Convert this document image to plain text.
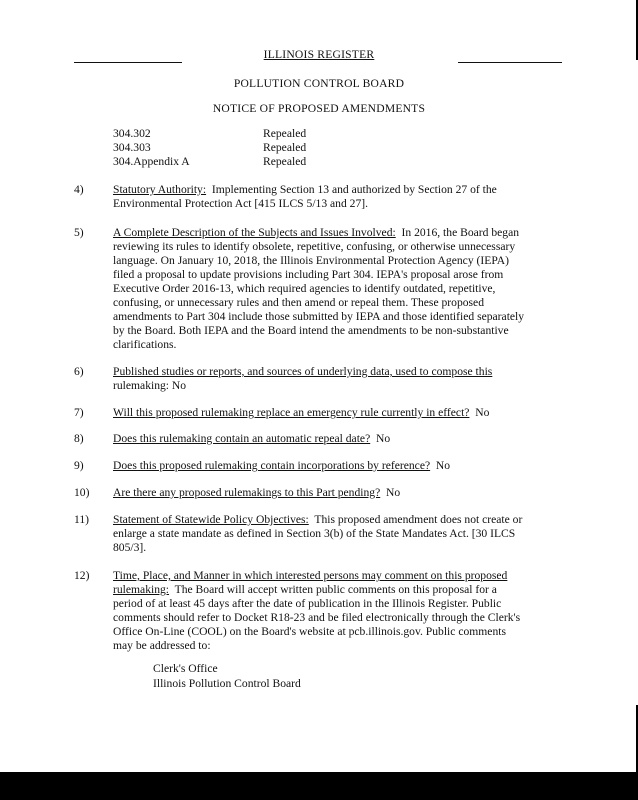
ILLINOIS REGISTER
POLLUTION CONTROL BOARD
NOTICE OF PROPOSED AMENDMENTS
304.302	Repealed
304.303	Repealed
304.Appendix A	Repealed
4)	Statutory Authority: Implementing Section 13 and authorized by Section 27 of the
Environmental Protection Act [415 ILCS 5/13 and 27].
5)	A Complete Description of the Subjects and Issues Involved: In 2016, the Board began
reviewing its rules to identify obsolete, repetitive, confusing, or otherwise unnecessary
language. On January 10, 2018, the Illinois Environmental Protection Agency (IEPA)
filed a proposal to update provisions including Part 304. IEPA's proposal arose from
Executive Order 2016-13, which required agencies to identify outdated, repetitive,
confusing, or unnecessary rules and then amend or repeal them. These proposed
amendments to Part 304 include those submitted by IEPA and those identified separately
by the Board. Both IEPA and the Board intend the amendments to be non-substantive
clarifications.
6)	Published studies or reports, and sources of underlying data, used to compose this
rulemaking: No
7)	Will this proposed rulemaking replace an emergency rule currently in effect? No
8)	Does this rulemaking contain an automatic repeal date? No
9)	Does this proposed rulemaking contain incorporations by reference? No
10) Are there any proposed rulemakings to this Part pending? No
11) Statement of Statewide Policy Objectives: This proposed amendment does not create or
enlarge a state mandate as defined in Section 3(b) of the State Mandates Act. [30 ILCS
805/3].
12) Time, Place, and Manner in which interested persons may comment on this proposed
rulemaking: The Board will accept written public comments on this proposal for a
period of at least 45 days after the date of publication in the Illinois Register. Public
comments should refer to Docket R18-23 and be filed electronically through the Clerk's
Office On-Line (COOL) on the Board's website at pcb.illinois.gov. Public comments
may be addressed to:
Clerk's Office
Illinois Pollution Control Board
